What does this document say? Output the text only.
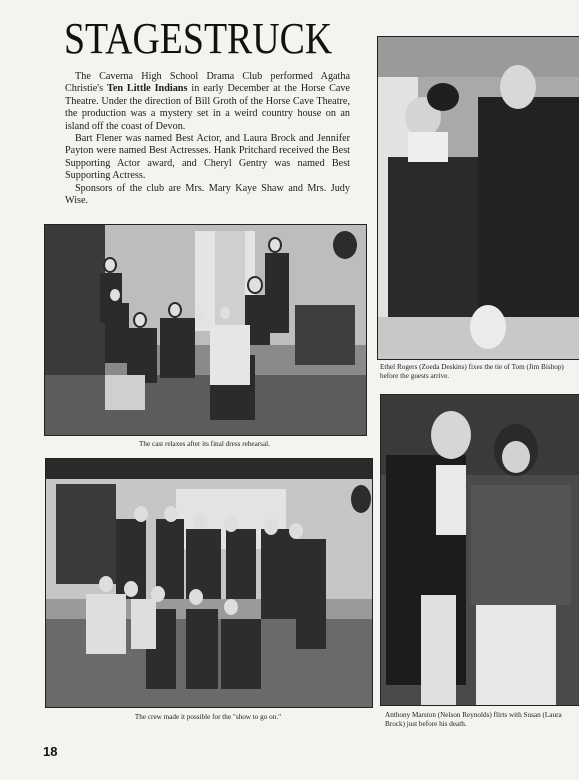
STAGESTRUCK

The Caverna High School Drama Club performed Agatha Christie's Ten Little Indians in early December at the Horse Cave Theatre. Under the direction of Bill Groth of the Horse Cave Theatre, the production was a mystery set in a weird country house on an island off the coast of Devon.

Bart Flener was named Best Actor, and Laura Brock and Jennifer Payton were named Best Actresses. Hank Pritchard received the Best Supporting Actor award, and Cheryl Gentry was named Best Supporting Actress.

Sponsors of the club are Mrs. Mary Kaye Shaw and Mrs. Judy Wise.

The cast relaxes after its final dress rehearsal.
The crew made it possible for the "show to go on."
Ethel Rogers (Zoeda Deskins) fixes the tie of Tom (Jim Bishop) before the guests arrive.
Anthony Marston (Nelson Reynolds) flirts with Susan (Laura Brock) just before his death.
18
